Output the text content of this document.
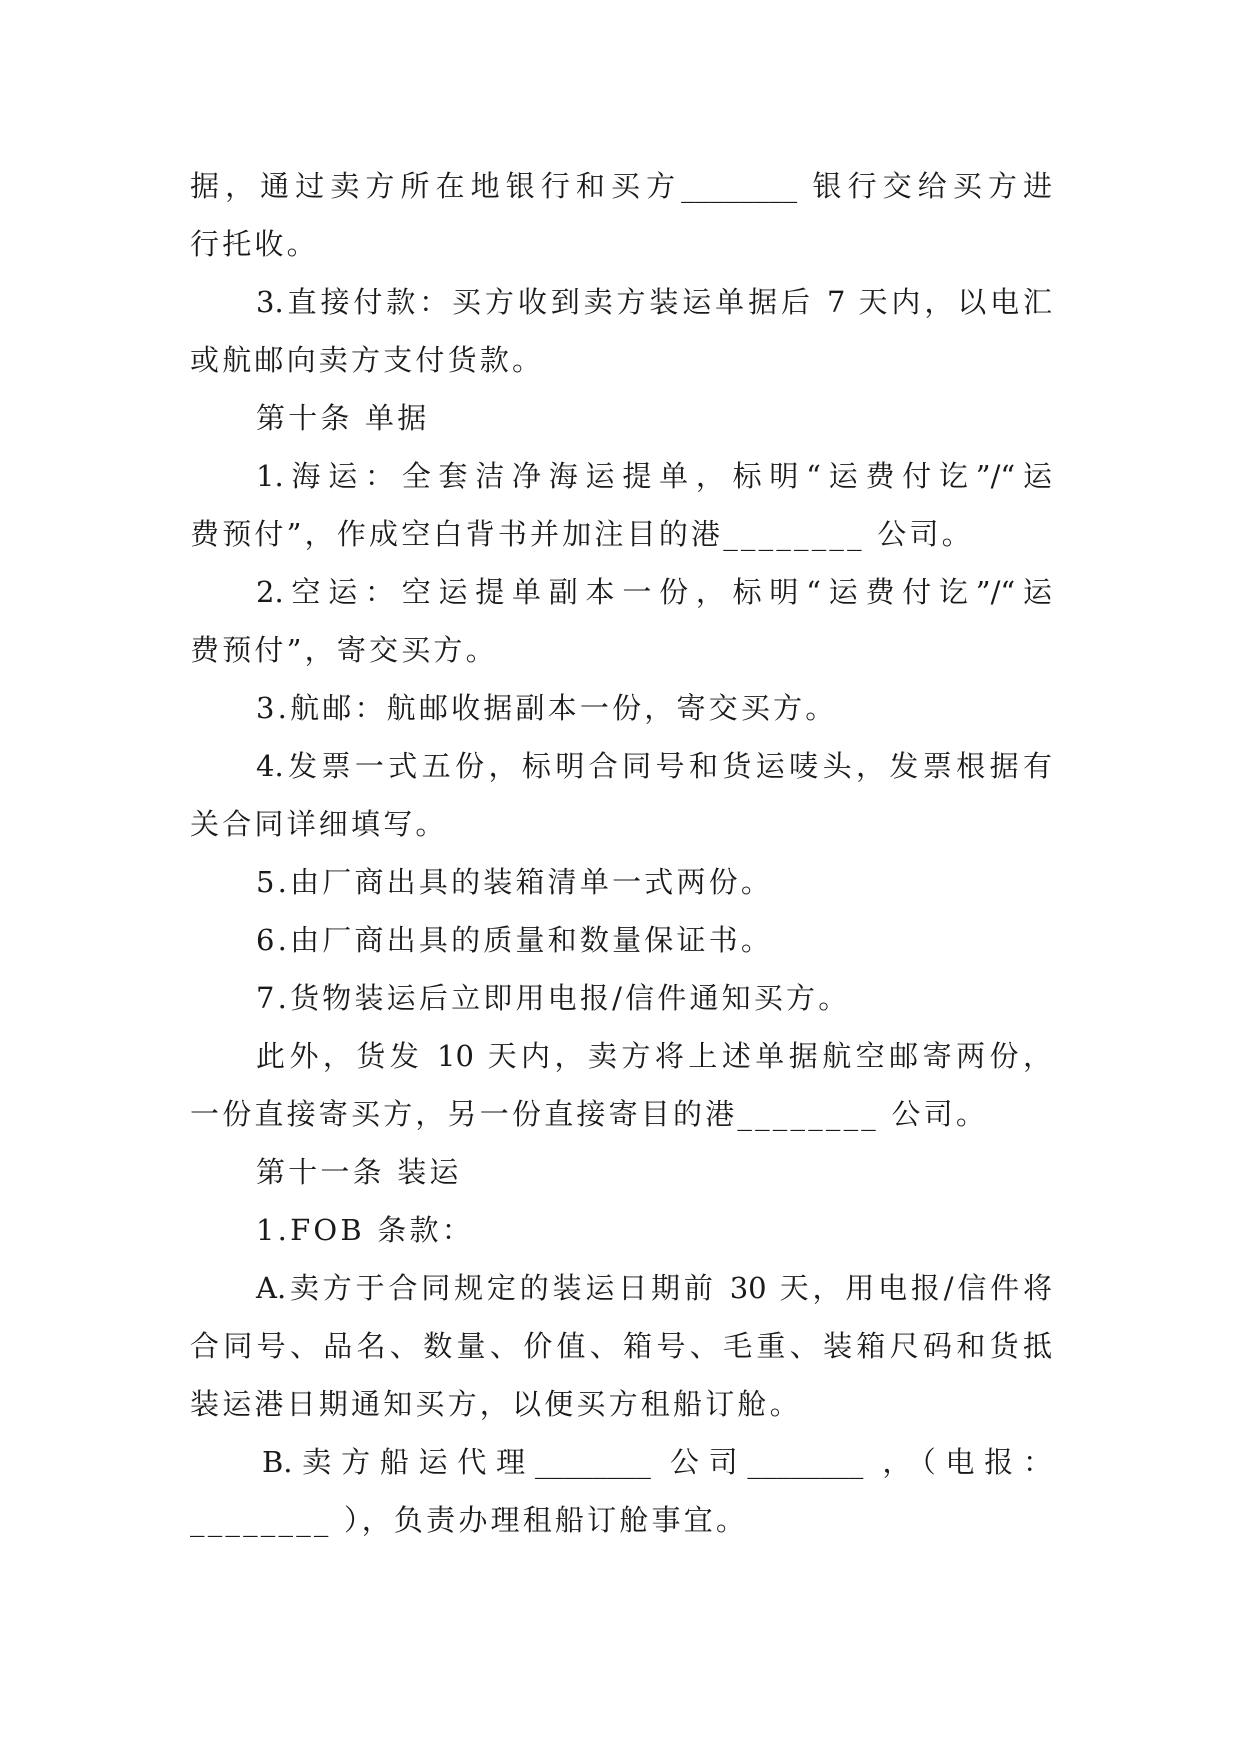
据，通过卖方所在地银行和买方________ 银行交给买方进
行托收。
3.直接付款：买方收到卖方装运单据后 7 天内，以电汇
或航邮向卖方支付货款。
第十条 单据
1.海运：全套洁净海运提单，标明“运费付讫”/“运
费预付”，作成空白背书并加注目的港________ 公司。
2.空运：空运提单副本一份，标明“运费付讫”/“运
费预付”，寄交买方。
3.航邮：航邮收据副本一份，寄交买方。
4.发票一式五份，标明合同号和货运唛头，发票根据有
关合同详细填写。
5.由厂商出具的装箱清单一式两份。
6.由厂商出具的质量和数量保证书。
7.货物装运后立即用电报/信件通知买方。
此外，货发 10 天内，卖方将上述单据航空邮寄两份，
一份直接寄买方，另一份直接寄目的港________ 公司。
第十一条 装运
1.FOB 条款：
A.卖方于合同规定的装运日期前 30 天，用电报/信件将
合同号、品名、数量、价值、箱号、毛重、装箱尺码和货抵
装运港日期通知买方，以便买方租船订舱。
B.卖方船运代理________ 公司________ ，（电报：
________ ），负责办理租船订舱事宜。
